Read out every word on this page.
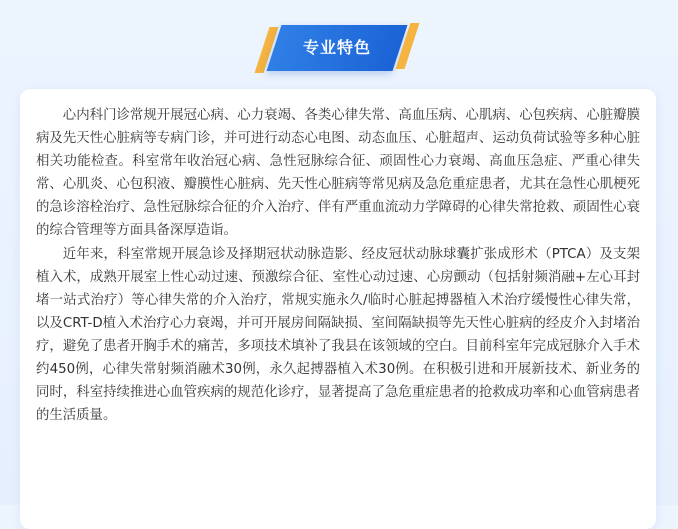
专业特色

心内科门诊常规开展冠心病、心力衰竭、各类心律失常、高血压病、心肌病、心包疾病、心脏瓣膜病及先天性心脏病等专病门诊，并可进行动态心电图、动态血压、心脏超声、运动负荷试验等多种心脏相关功能检查。科室常年收治冠心病、急性冠脉综合征、顽固性心力衰竭、高血压急症、严重心律失常、心肌炎、心包积液、瓣膜性心脏病、先天性心脏病等常见病及急危重症患者，尤其在急性心肌梗死的急诊溶栓治疗、急性冠脉综合征的介入治疗、伴有严重血流动力学障碍的心律失常抢救、顽固性心衰的综合管理等方面具备深厚造诣。

近年来，科室常规开展急诊及择期冠状动脉造影、经皮冠状动脉球囊扩张成形术（PTCA）及支架植入术，成熟开展室上性心动过速、预激综合征、室性心动过速、心房颤动（包括射频消融+左心耳封堵一站式治疗）等心律失常的介入治疗，常规实施永久/临时心脏起搏器植入术治疗缓慢性心律失常，以及CRT-D植入术治疗心力衰竭，并可开展房间隔缺损、室间隔缺损等先天性心脏病的经皮介入封堵治疗，避免了患者开胸手术的痛苦，多项技术填补了我县在该领域的空白。目前科室年完成冠脉介入手术约450例，心律失常射频消融术30例，永久起搏器植入术30例。在积极引进和开展新技术、新业务的同时，科室持续推进心血管疾病的规范化诊疗，显著提高了急危重症患者的抢救成功率和心血管病患者的生活质量。
